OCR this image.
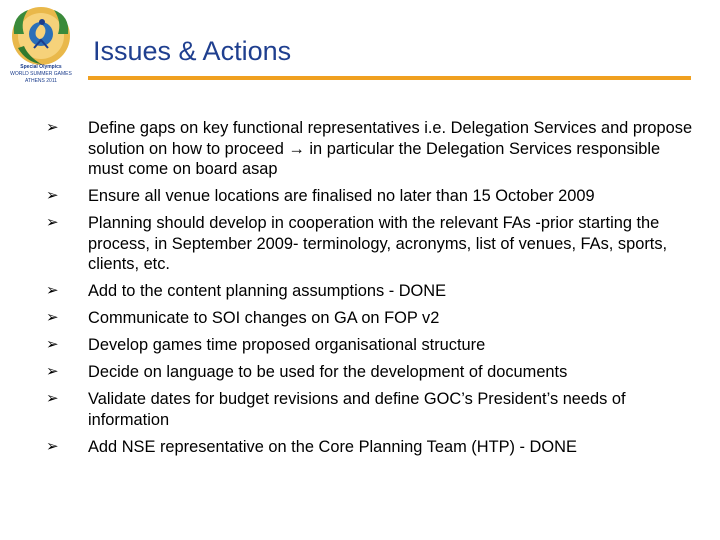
Special Olympics
WORLD SUMMER GAMES
ATHENS 2011
Issues & Actions
➢ Define gaps on key functional representatives i.e. Delegation Services and propose solution on how to proceed → in particular the Delegation Services responsible must come on board asap
➢ Ensure all venue locations are finalised no later than 15 October 2009
➢ Planning should develop in cooperation with the relevant FAs -prior starting the process, in September 2009- terminology, acronyms, list of venues, FAs, sports, clients, etc.
➢ Add to the content planning assumptions - DONE
➢ Communicate to SOI changes on GA on FOP v2
➢ Develop games time proposed organisational structure
➢ Decide on language to be used for the development of documents
➢ Validate dates for budget revisions and define GOC’s President’s needs of information
➢ Add NSE representative on the Core Planning Team (HTP) - DONE
